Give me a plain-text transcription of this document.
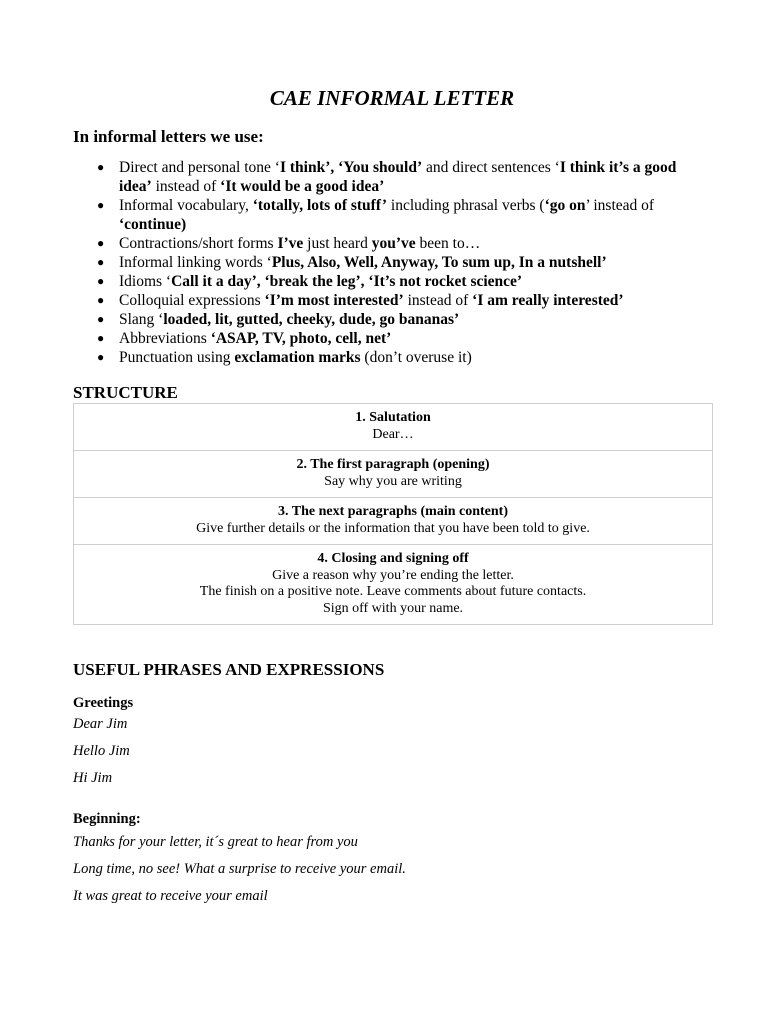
CAE INFORMAL LETTER
In informal letters we use:
● Direct and personal tone ‘I think’, ‘You should’ and direct sentences ‘I think it’s a good idea’ instead of ‘It would be a good idea’
● Informal vocabulary, ‘totally, lots of stuff’ including phrasal verbs (‘go on’ instead of ‘continue)
● Contractions/short forms I’ve just heard you’ve been to…
● Informal linking words ‘Plus, Also, Well, Anyway, To sum up, In a nutshell’
● Idioms ‘Call it a day’, ‘break the leg’, ‘It’s not rocket science’
● Colloquial expressions ‘I’m most interested’ instead of ‘I am really interested’
● Slang ‘loaded, lit, gutted, cheeky, dude, go bananas’
● Abbreviations ‘ASAP, TV, photo, cell, net’
● Punctuation using exclamation marks (don’t overuse it)
STRUCTURE
1. Salutation
Dear…
2. The first paragraph (opening)
Say why you are writing
3. The next paragraphs (main content)
Give further details or the information that you have been told to give.
4. Closing and signing off
Give a reason why you’re ending the letter.
The finish on a positive note. Leave comments about future contacts.
Sign off with your name.
USEFUL PHRASES AND EXPRESSIONS
Greetings
Dear Jim
Hello Jim
Hi Jim
Beginning:
Thanks for your letter, it´s great to hear from you
Long time, no see! What a surprise to receive your email.
It was great to receive your email
